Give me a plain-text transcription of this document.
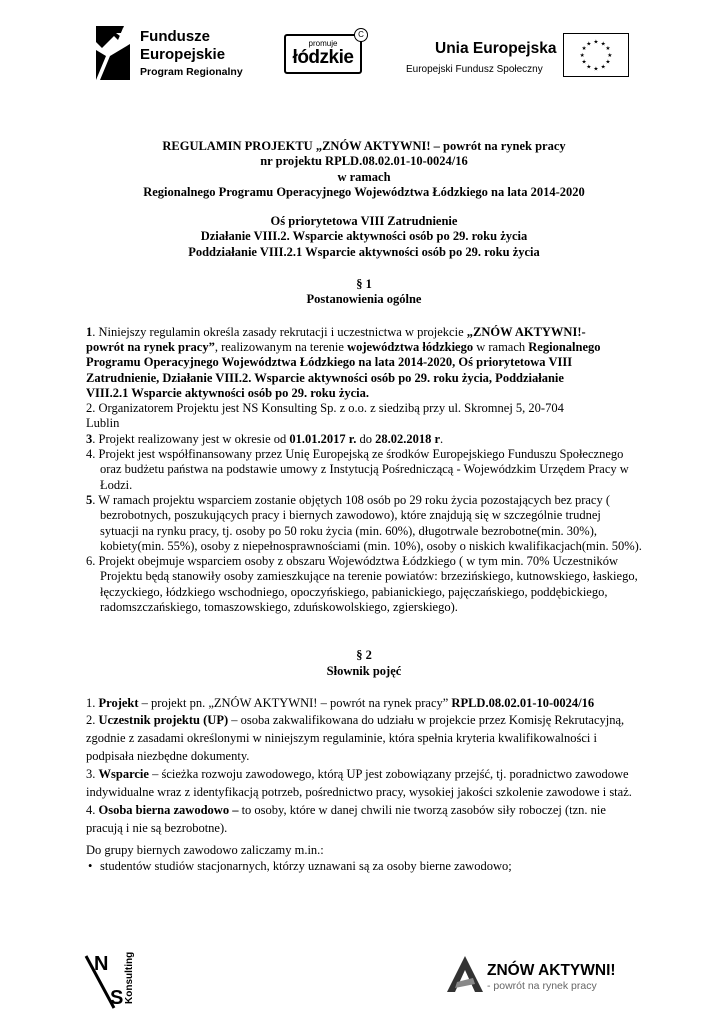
Fundusze
Europejskie
Program Regionalny
promuje
łódzkie
C
Unia Europejska
Europejski Fundusz Społeczny
★ ★
★
★
★
★
★
★
★
★
★
★

REGULAMIN PROJEKTU „ZNÓW AKTYWNI! – powrót na rynek pracy

nr projektu RPLD.08.02.01-10-0024/16

w ramach

Regionalnego Programu Operacyjnego Województwa Łódzkiego na lata 2014-2020

Oś priorytetowa VIII Zatrudnienie

Działanie VIII.2. Wsparcie aktywności osób po 29. roku życia

Poddziałanie VIII.2.1 Wsparcie aktywności osób po 29. roku życia

§ 1

Postanowienia ogólne

1. Niniejszy regulamin określa zasady rekrutacji i uczestnictwa w projekcie „ZNÓW AKTYWNI!-
powrót na rynek pracy”, realizowanym na terenie województwa łódzkiego w ramach Regionalnego
Programu Operacyjnego Województwa Łódzkiego na lata 2014-2020, Oś priorytetowa VIII
Zatrudnienie, Działanie VIII.2. Wsparcie aktywności osób po 29. roku życia, Poddziałanie
VIII.2.1 Wsparcie aktywności osób po 29. roku życia.

2. Organizatorem Projektu jest NS Konsulting Sp. z o.o. z siedzibą przy ul. Skromnej 5, 20-704
Lublin

3. Projekt realizowany jest w okresie od 01.01.2017 r. do 28.02.2018 r.

4. Projekt jest współfinansowany przez Unię Europejską ze środków Europejskiego Funduszu Społecznego oraz budżetu państwa na podstawie umowy z Instytucją Pośredniczącą - Wojewódzkim Urzędem Pracy w Łodzi.

5. W ramach projektu wsparciem zostanie objętych 108 osób po 29 roku życia pozostających bez pracy ( bezrobotnych, poszukujących pracy i biernych zawodowo), które znajdują się w szczególnie trudnej sytuacji na rynku pracy, tj. osoby po 50 roku życia (min. 60%), długotrwale bezrobotne(min. 30%), kobiety(min. 55%), osoby z niepełnosprawnościami (min. 10%), osoby o niskich kwalifikacjach(min. 50%).

6. Projekt obejmuje wsparciem osoby z obszaru Województwa Łódzkiego ( w tym min. 70% Uczestników Projektu będą stanowiły osoby zamieszkujące na terenie powiatów: brzezińskiego, kutnowskiego, łaskiego, łęczyckiego, łódzkiego wschodniego, opoczyńskiego, pabianickiego, pajęczańskiego, poddębickiego, radomszczańskiego, tomaszowskiego, zduńskowolskiego, zgierskiego).

§ 2

Słownik pojęć

1. Projekt – projekt pn. „ZNÓW AKTYWNI! – powrót na rynek pracy” RPLD.08.02.01-10-0024/16

2. Uczestnik projektu (UP) – osoba zakwalifikowana do udziału w projekcie przez Komisję Rekrutacyjną, zgodnie z zasadami określonymi w niniejszym regulaminie, która spełnia kryteria kwalifikowalności i podpisała niezbędne dokumenty.

3. Wsparcie – ścieżka rozwoju zawodowego, którą UP jest zobowiązany przejść, tj. poradnictwo zawodowe indywidualne wraz z identyfikacją potrzeb, pośrednictwo pracy, wysokiej jakości szkolenie zawodowe i staż.

4. Osoba bierna zawodowo – to osoby, które w danej chwili nie tworzą zasobów siły roboczej (tzn. nie pracują i nie są bezrobotne).

Do grupy biernych zawodowo zaliczamy m.in.:

• studentów studiów stacjonarnych, którzy uznawani są za osoby bierne zawodowo;

N
S Konsulting	ZNÓW AKTYWNI!
- powrót na rynek pracy
